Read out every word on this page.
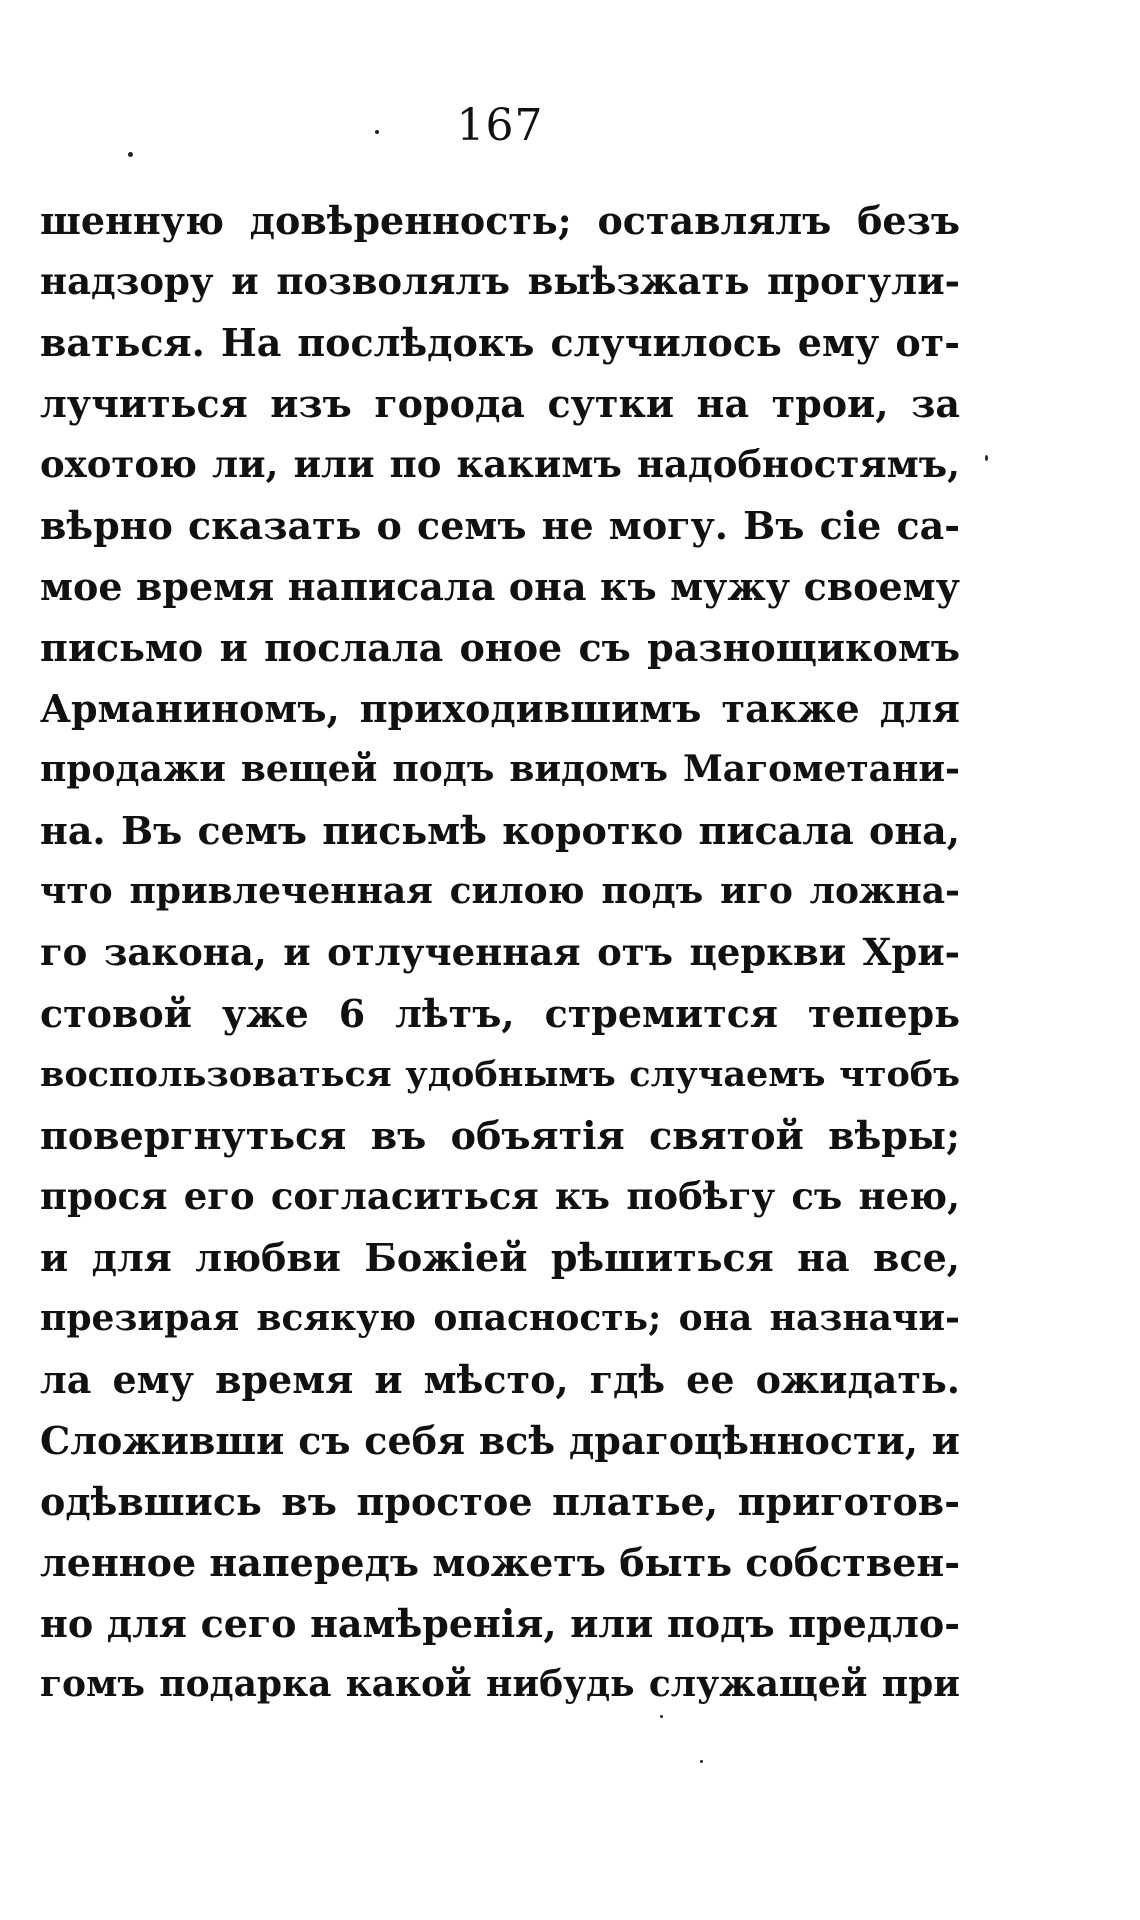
167
шенную довѣренность; оставлялъ безъ
надзору и позволялъ выѣзжать прогули-
ваться. На послѣдокъ случилось ему от-
лучиться изъ города сутки на трои, за
охотою ли, или по какимъ надобностямъ,
вѣрно сказать о семъ не могу. Въ сіе са-
мое время написала она къ мужу своему
письмо и послала оное съ разнощикомъ
Арманиномъ, приходившимъ также для
продажи вещей подъ видомъ Магометани-
на. Въ семъ письмѣ коротко писала она,
что привлеченная силою подъ иго ложна-
го закона, и отлученная отъ церкви Хри-
стовой уже 6 лѣтъ, стремится теперь
воспользоваться удобнымъ случаемъ чтобъ
повергнуться въ объятія святой вѣры;
прося его согласиться къ побѣгу съ нею,
и для любви Божіей рѣшиться на все,
презирая всякую опасность; она назначи-
ла ему время и мѣсто, гдѣ ее ожидать.
Сложивши съ себя всѣ драгоцѣнности, и
одѣвшись въ простое платье, приготов-
ленное напередъ можетъ быть собствен-
но для сего намѣренія, или подъ предло-
гомъ подарка какой нибудь служащей при
